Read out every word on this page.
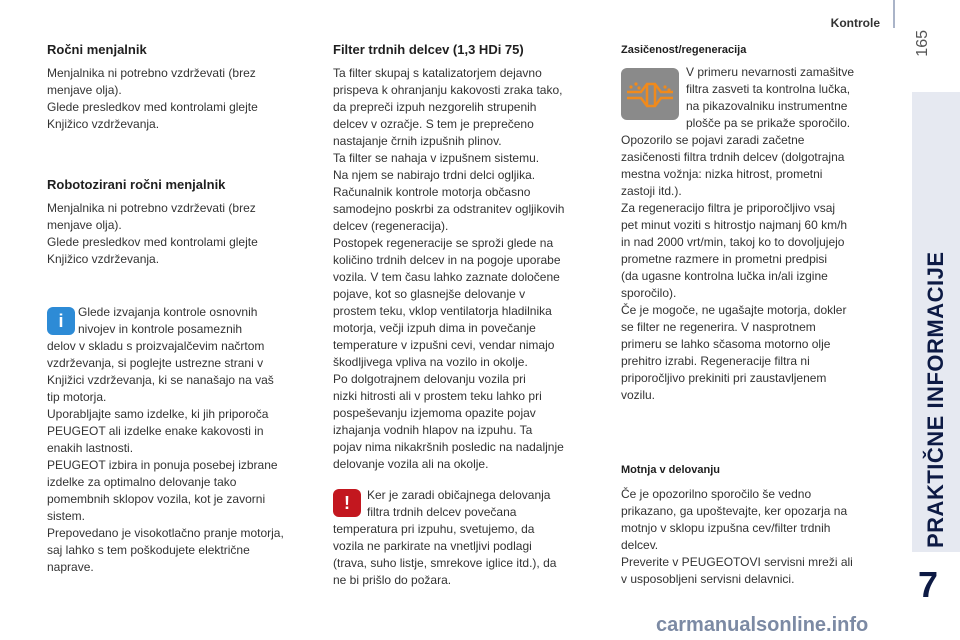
Kontrole
165
PRAKTIČNE INFORMACIJE
7
Ročni menjalnik

Menjalnika ni potrebno vzdrževati (brez

menjave olja).

Glede presledkov med kontrolami glejte

Knjižico vzdrževanja.

Robotozirani ročni menjalnik

Menjalnika ni potrebno vzdrževati (brez

menjave olja).

Glede presledkov med kontrolami glejte

Knjižico vzdrževanja.

i	Glede izvajanja kontrole osnovnih

nivojev in kontrole posameznih

delov v skladu s proizvajalčevim načrtom

vzdrževanja, si poglejte ustrezne strani v

Knjižici vzdrževanja, ki se nanašajo na vaš

tip motorja.

Uporabljajte samo izdelke, ki jih priporoča

PEUGEOT ali izdelke enake kakovosti in

enakih lastnosti.

PEUGEOT izbira in ponuja posebej izbrane

izdelke za optimalno delovanje tako

pomembnih sklopov vozila, kot je zavorni

sistem.

Prepovedano je visokotlačno pranje motorja,

saj lahko s tem poškodujete električne

naprave.

Filter trdnih delcev (1,3 HDi 75)

Ta filter skupaj s katalizatorjem dejavno

prispeva k ohranjanju kakovosti zraka tako,

da prepreči izpuh nezgorelih strupenih

delcev v ozračje. S tem je preprečeno

nastajanje črnih izpušnih plinov.

Ta filter se nahaja v izpušnem sistemu.

Na njem se nabirajo trdni delci ogljika.

Računalnik kontrole motorja občasno

samodejno poskrbi za odstranitev ogljikovih

delcev (regeneracija).

Postopek regeneracije se sproži glede na

količino trdnih delcev in na pogoje uporabe

vozila. V tem času lahko zaznate določene

pojave, kot so glasnejše delovanje v

prostem teku, vklop ventilatorja hladilnika

motorja, večji izpuh dima in povečanje

temperature v izpušni cevi, vendar nimajo

škodljivega vpliva na vozilo in okolje.

Po dolgotrajnem delovanju vozila pri

nizki hitrosti ali v prostem teku lahko pri

pospeševanju izjemoma opazite pojav

izhajanja vodnih hlapov na izpuhu. Ta

pojav nima nikakršnih posledic na nadaljnje

delovanje vozila ali na okolje.

!	Ker je zaradi običajnega delovanja

filtra trdnih delcev povečana

temperatura pri izpuhu, svetujemo, da

vozila ne parkirate na vnetljivi podlagi

(trava, suho listje, smrekove iglice itd.), da

ne bi prišlo do požara.

Zasičenost/regeneracija

V primeru nevarnosti zamašitve

filtra zasveti ta kontrolna lučka,

na pikazovalniku instrumentne

plošče pa se prikaže sporočilo.

Opozorilo se pojavi zaradi začetne

zasičenosti filtra trdnih delcev (dolgotrajna

mestna vožnja: nizka hitrost, prometni

zastoji itd.).

Za regeneracijo filtra je priporočljivo vsaj

pet minut voziti s hitrostjo najmanj 60 km/h

in nad 2000 vrt/min, takoj ko to dovoljujejo

prometne razmere in prometni predpisi

(da ugasne kontrolna lučka in/ali izgine

sporočilo).

Če je mogoče, ne ugašajte motorja, dokler

se filter ne regenerira. V nasprotnem

primeru se lahko sčasoma motorno olje

prehitro izrabi. Regeneracije filtra ni

priporočljivo prekiniti pri zaustavljenem

vozilu.

Motnja v delovanju

Če je opozorilno sporočilo še vedno

prikazano, ga upoštevajte, ker opozarja na

motnjo v sklopu izpušna cev/filter trdnih

delcev.

Preverite v PEUGEOTOVI servisni mreži ali

v usposobljeni servisni delavnici.

carmanualsonline.info
